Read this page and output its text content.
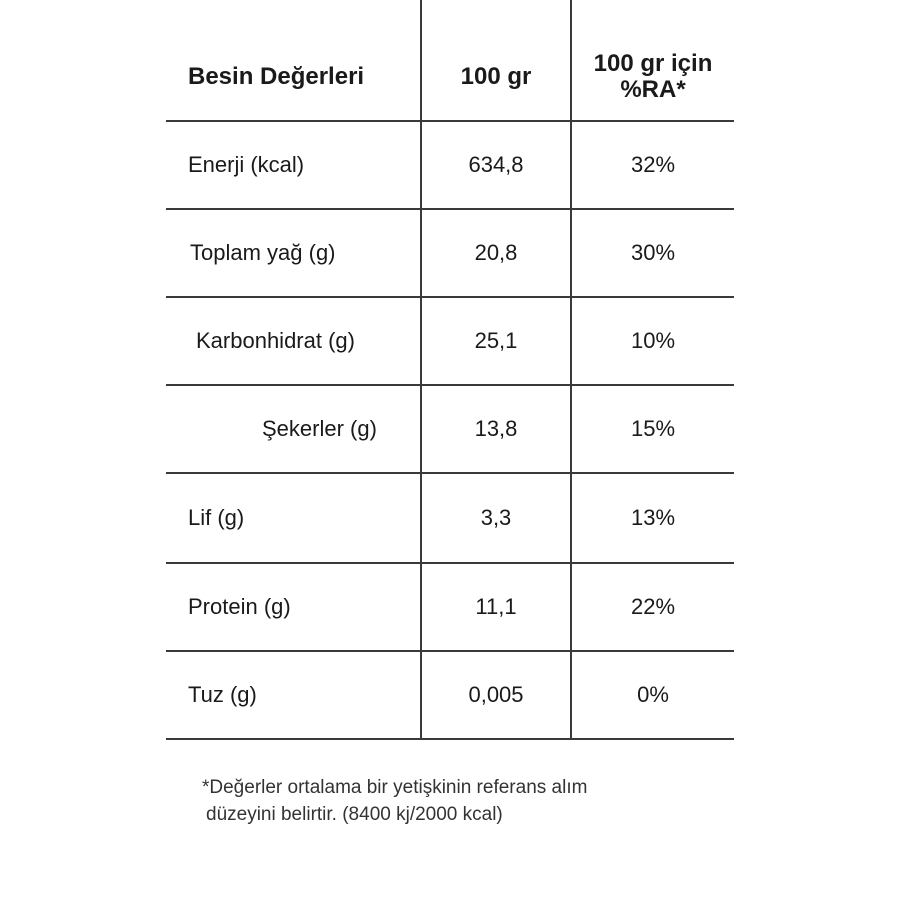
Besin Değerleri	100 gr	100 gr için
%RA*
Enerji (kcal)	634,8	32%
Toplam yağ (g)	20,8	30%
Karbonhidrat (g)	25,1	10%
Şekerler (g)	13,8	15%
Lif (g)	3,3	13%
Protein (g)	11,1	22%
Tuz (g)	0,005	0%
*Değerler ortalama bir yetişkinin referans alım
düzeyini belirtir. (8400 kj/2000 kcal)
